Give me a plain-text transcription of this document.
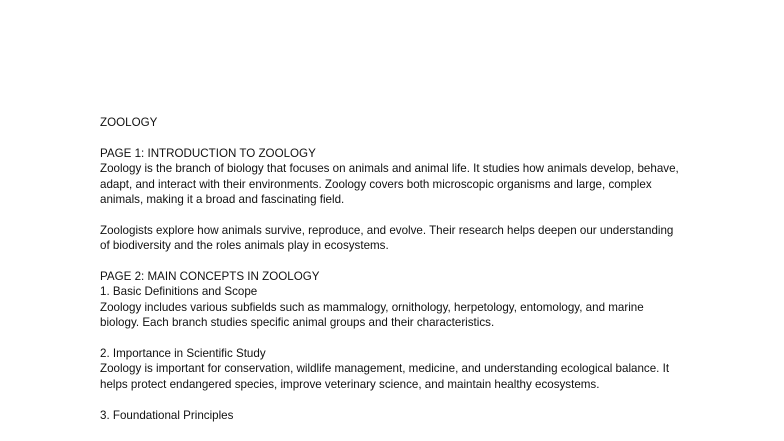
ZOOLOGY

PAGE 1: INTRODUCTION TO ZOOLOGY

Zoology is the branch of biology that focuses on animals and animal life. It studies how animals develop, behave, adapt, and interact with their environments. Zoology covers both microscopic organisms and large, complex animals, making it a broad and fascinating field.

Zoologists explore how animals survive, reproduce, and evolve. Their research helps deepen our understanding of biodiversity and the roles animals play in ecosystems.

PAGE 2: MAIN CONCEPTS IN ZOOLOGY

1. Basic Definitions and Scope

Zoology includes various subfields such as mammalogy, ornithology, herpetology, entomology, and marine biology. Each branch studies specific animal groups and their characteristics.

2. Importance in Scientific Study

Zoology is important for conservation, wildlife management, medicine, and understanding ecological balance. It helps protect endangered species, improve veterinary science, and maintain healthy ecosystems.

3. Foundational Principles
